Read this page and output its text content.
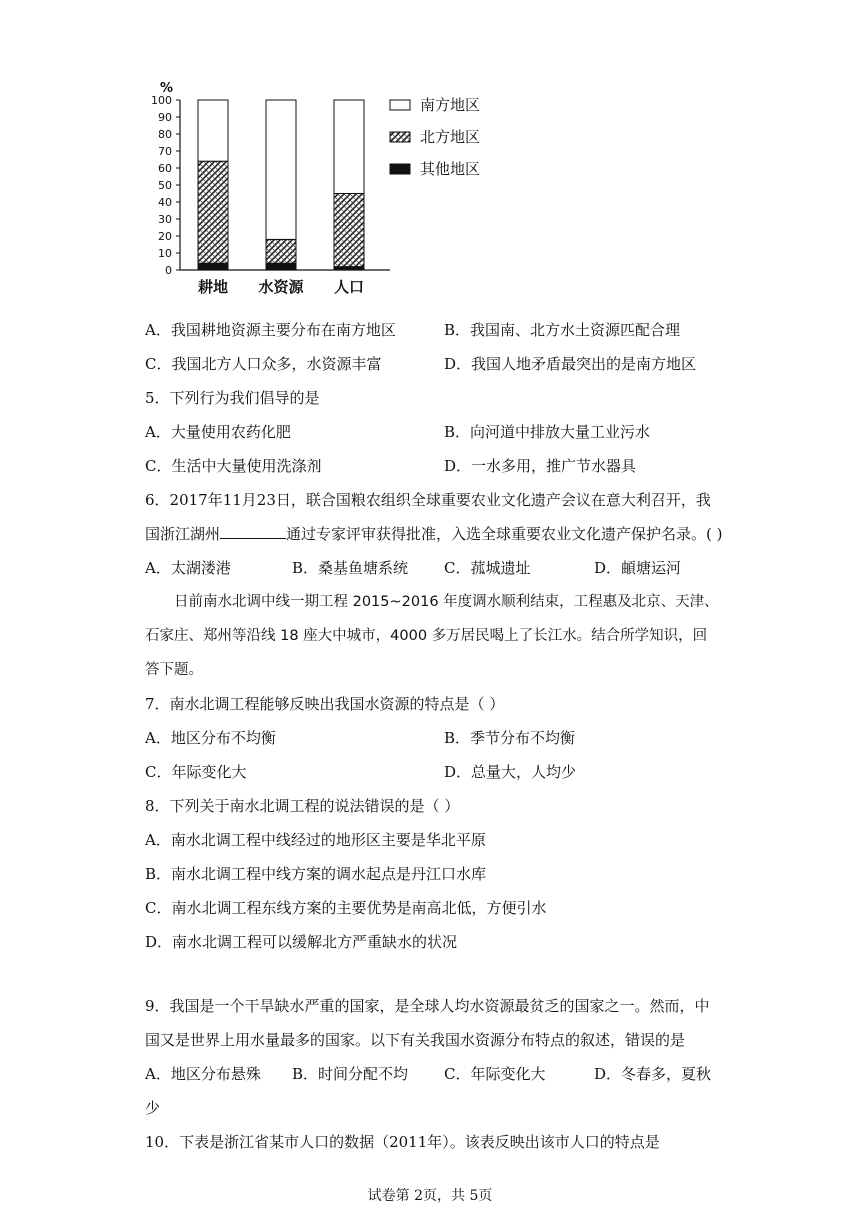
%
100
90
80
70
60
50
40
30
20
10
0
耕地 水资源 人口
南方地区
北方地区
其他地区
A．我国耕地资源主要分布在南方地区	B．我国南、北方水土资源匹配合理
C．我国北方人口众多，水资源丰富	D．我国人地矛盾最突出的是南方地区
5．下列行为我们倡导的是
A．大量使用农药化肥	B．向河道中排放大量工业污水
C．生活中大量使用洗涤剂	D．一水多用，推广节水器具
6．2017年11月23日，联合国粮农组织全球重要农业文化遗产会议在意大利召开，我
国浙江湖州	通过专家评审获得批准，入选全球重要农业文化遗产保护名录。( )
A．太湖溇港	B．桑基鱼塘系统 C．菰城遗址	D．頔塘运河
日前南水北调中线一期工程 2015~2016 年度调水顺利结束，工程惠及北京、天津、
石家庄、郑州等沿线 18 座大中城市，4000 多万居民喝上了长江水。结合所学知识，回
答下题。
7．南水北调工程能够反映出我国水资源的特点是（ ）
A．地区分布不均衡	B．季节分布不均衡
C．年际变化大	D．总量大，人均少
8．下列关于南水北调工程的说法错误的是（ ）
A．南水北调工程中线经过的地形区主要是华北平原
B．南水北调工程中线方案的调水起点是丹江口水库
C．南水北调工程东线方案的主要优势是南高北低，方便引水
D．南水北调工程可以缓解北方严重缺水的状况
9．我国是一个干旱缺水严重的国家，是全球人均水资源最贫乏的国家之一。然而，中
国又是世界上用水量最多的国家。以下有关我国水资源分布特点的叙述，错误的是
A．地区分布悬殊 B．时间分配不均 C．年际变化大	D．冬春多，夏秋
少
10．下表是浙江省某市人口的数据（2011年）。该表反映出该市人口的特点是
试卷第 2页，共 5页
